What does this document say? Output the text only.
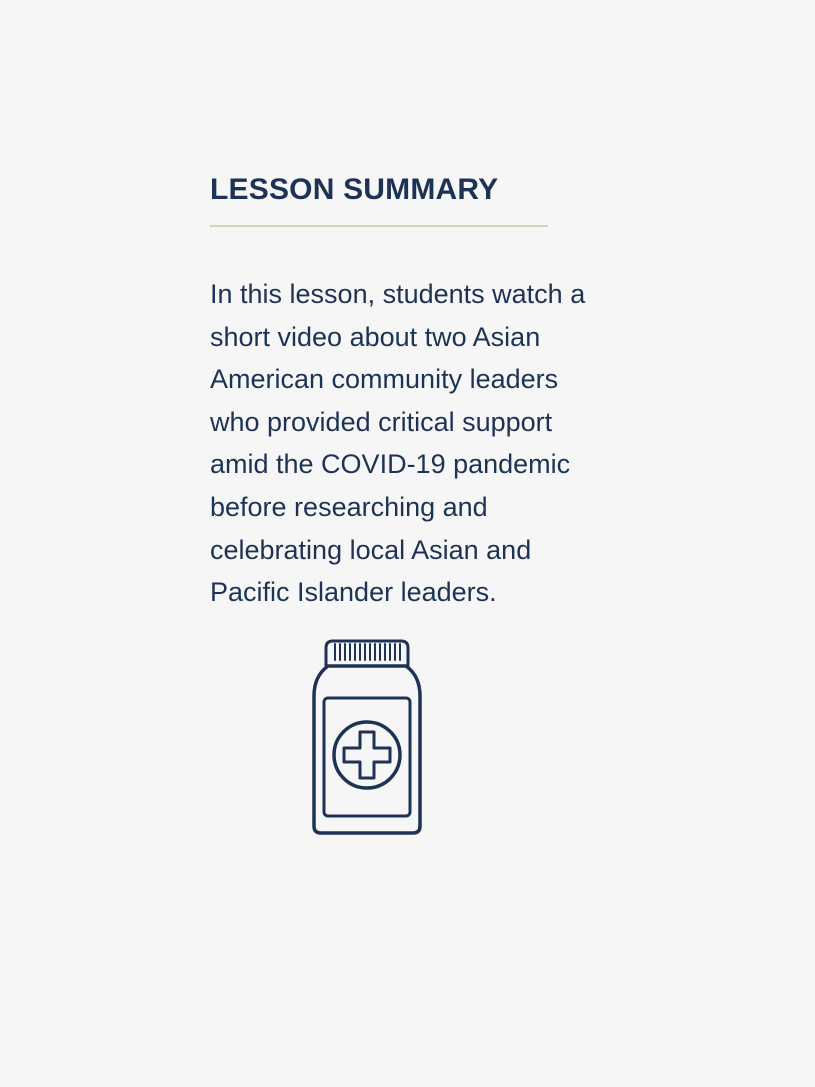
LESSON SUMMARY

In this lesson, students watch a
short video about two Asian
American community leaders
who provided critical support
amid the COVID-19 pandemic
before researching and
celebrating local Asian and
Pacific Islander leaders.
